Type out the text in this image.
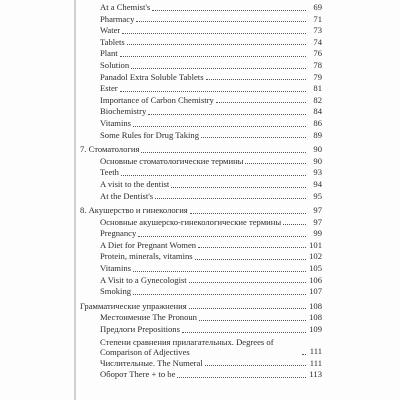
At a Chemist's	69
Pharmacy	71
Water	73
Tablets	74
Plant	76
Solution	78
Panadol Extra Soluble Tablets	79
Ester	81
Importance of Carbon Chemistry	82
Biochemistry	84
Vitamins	86
Some Rules for Drug Taking	89
7. Стоматология	90
Основные стоматологические термины	90
Teeth	93
A visit to the dentist	94
At the Dentist's	95
8. Акушерство и гинекология	97
Основные акушерско-гинекологические термины	97
Pregnancy	99
A Diet for Pregnant Women	101
Protein, minerals, vitamins	102
Vitamins	105
A Visit to a Gynecologist	106
Smoking	107
Грамматические упражнения	108
Местоимение The Pronoun	108
Предлоги Prepositions	109
Степени сравнения прилагательных. Degrees of Comparison of Adjectives	111
Числительные. The Numeral	111
Оборот There + to be	113
